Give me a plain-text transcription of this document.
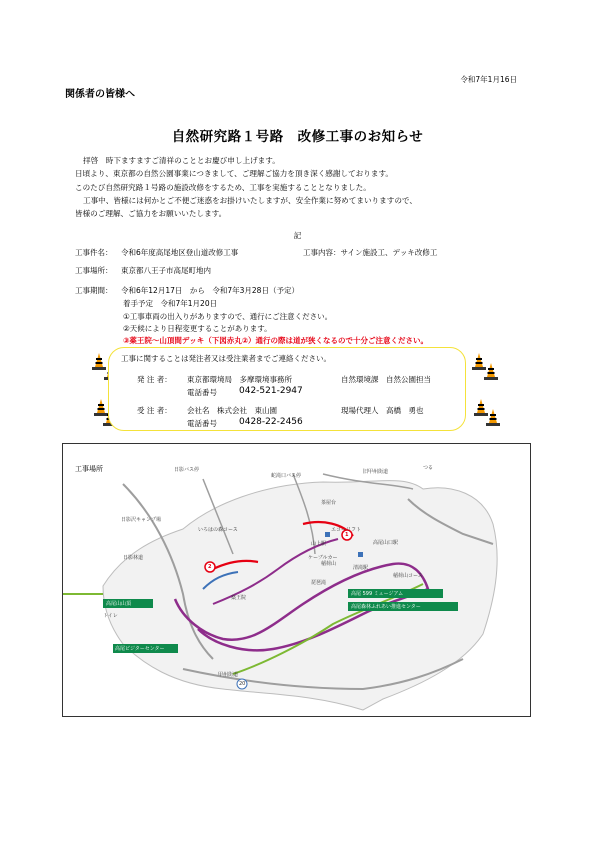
令和7年1月16日
関係者の皆様へ
自然研究路１号路　改修工事のお知らせ

拝啓　時下ますますご清祥のこととお慶び申し上げます。

日頃より、東京都の自然公園事業につきまして、ご理解ご協力を頂き深く感謝しております。

このたび自然研究路１号路の施設改修をするため、工事を実施することとなりました。

工事中、皆様には何かとご不便ご迷惑をお掛けいたしますが、安全作業に努めてまいりますので、

皆様のご理解、ご協力をお願いいたします。

記
工事件名： 令和6年度高尾地区登山道改修工事	工事内容：サイン施設工、デッキ改修工
工事場所： 東京都八王子市高尾町地内
工事期間： 令和6年12月17日　から　令和7年3月28日（予定）
着手予定　令和7年1月20日
①工事車両の出入りがありますので、通行にご注意ください。
②天候により日程変更することがあります。
③薬王院～山頂間デッキ（下図赤丸②）通行の際は道が狭くなるので十分ご注意ください。
工事に関することは発注者又は受注業者までご連絡ください。
発 注 者： 東京都環境局　多摩環境事務所	自然環境課　自然公園担当
電話番号 042-521-2947
受 注 者： 会社名　株式会社　東山園	現場代理人　高橋　勇也
電話番号 0428-22-2456
工事場所	日影バス停
蛇滝口バス停
旧甲州街道
日影沢キャンプ場
いろはの森コース
茶屋台
つる
日影林道
高尾山山頂
高尾ビジターセンター
トイレ
薬王院
山上駅	高尾山口駅
高尾 599 ミュージアム
高尾森林ふれあい推進センター
稲荷山
稲荷山コース
琵琶滝
清滝駅
ケーブルカー
エコーリフト
甲州街道
20
1
2
